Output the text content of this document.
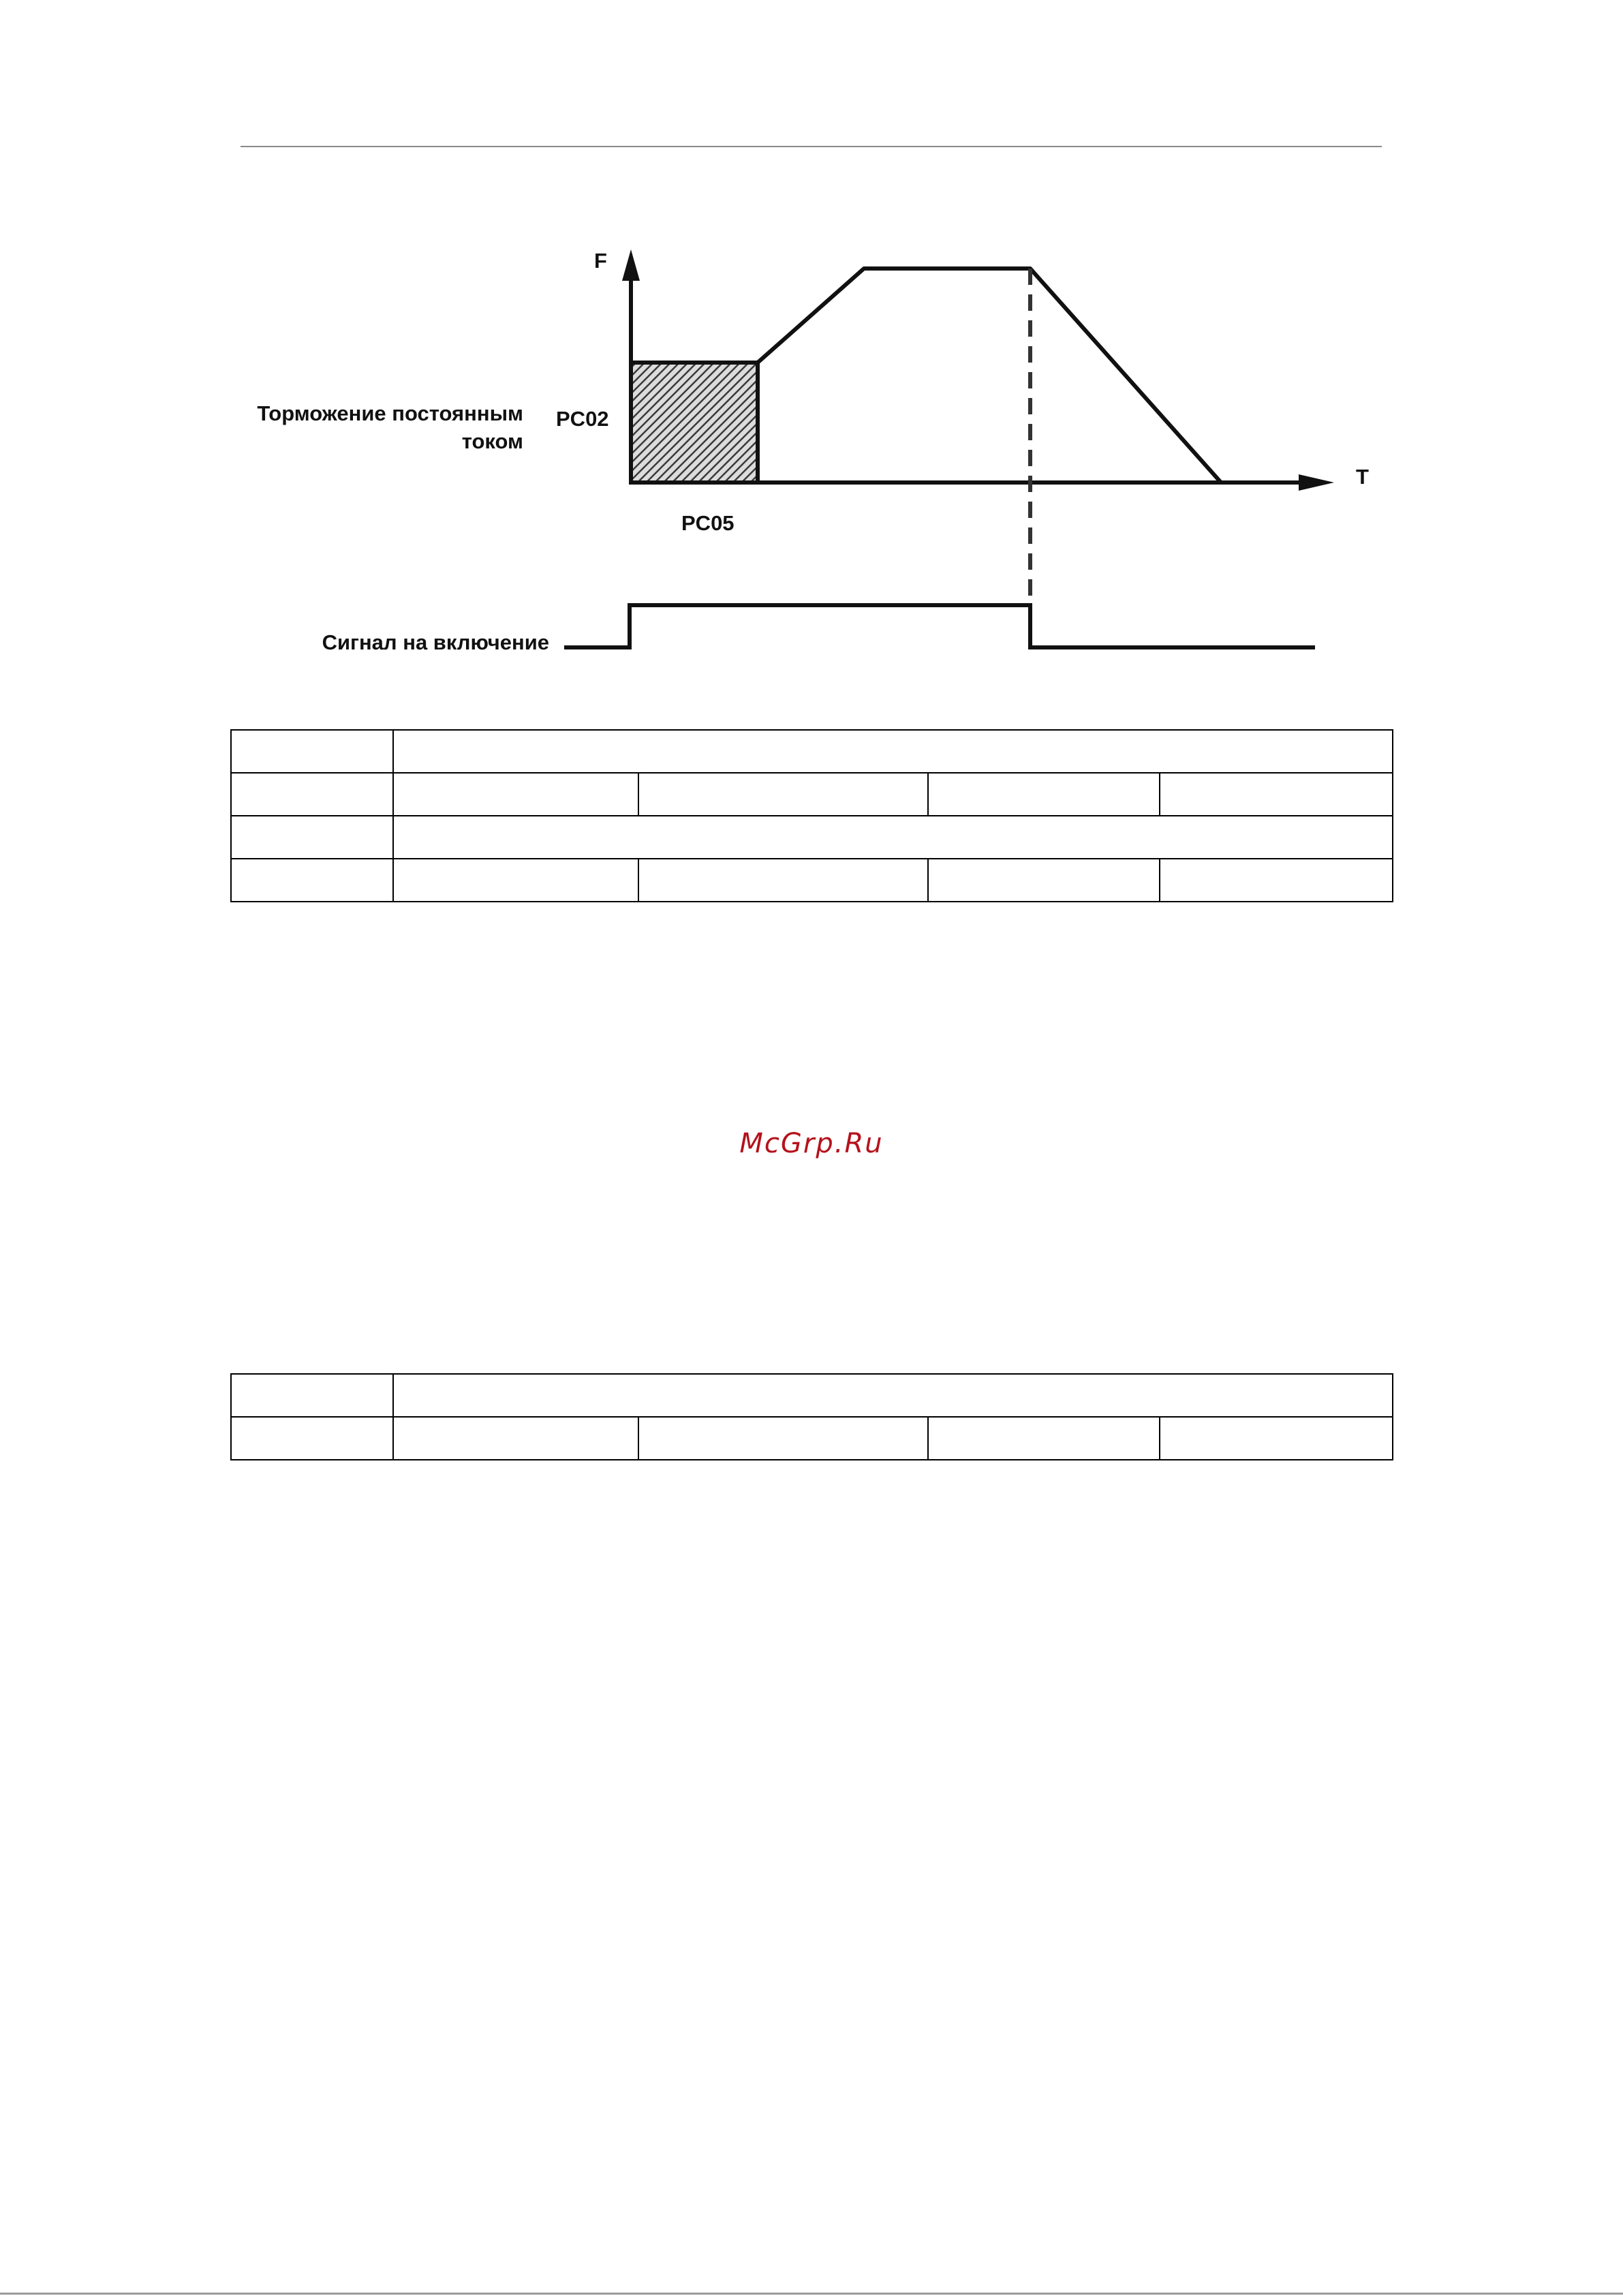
F
T
Торможение постоянным
током
PC02
PC05
Сигнал на включение

McGrp.Ru
